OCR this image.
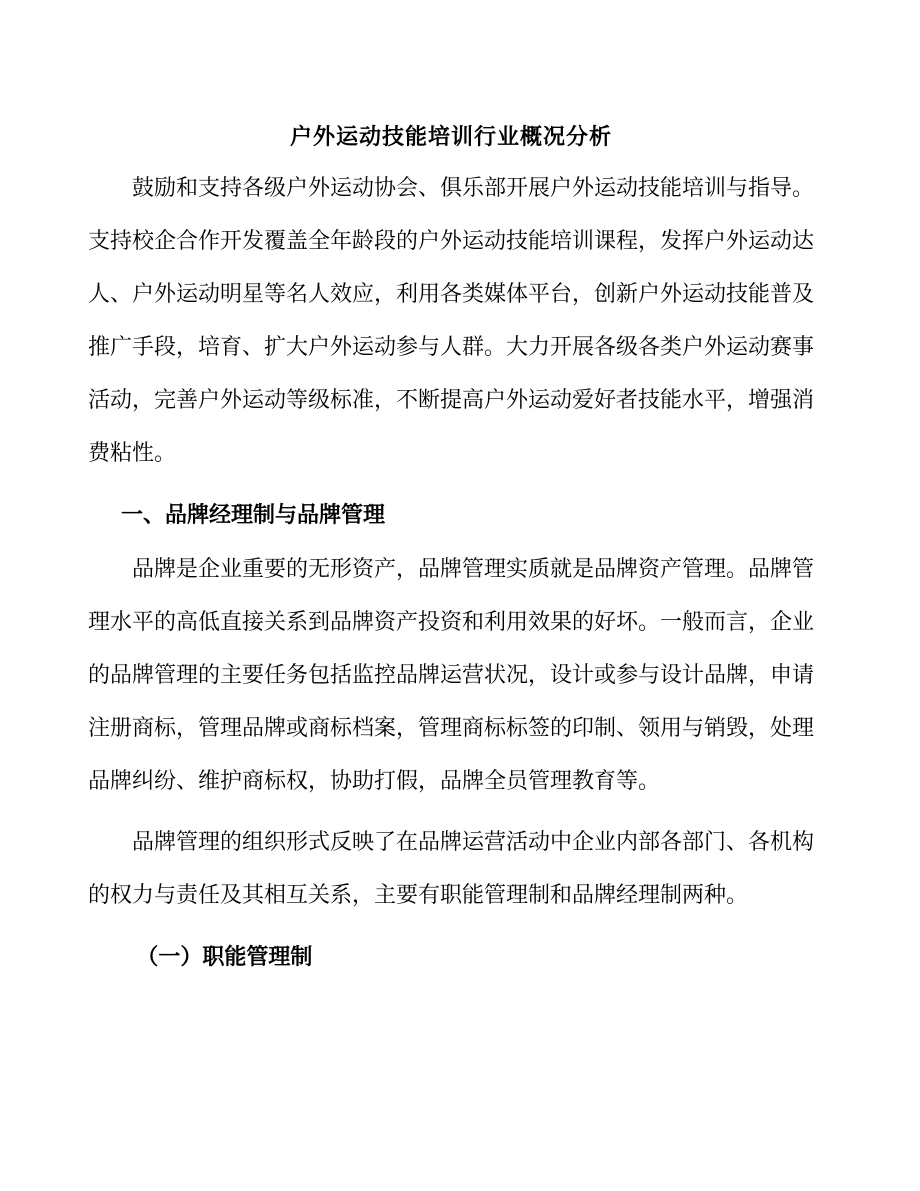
户外运动技能培训行业概况分析

鼓励和支持各级户外运动协会、俱乐部开展户外运动技能培训与指导。支持校企合作开发覆盖全年龄段的户外运动技能培训课程，发挥户外运动达人、户外运动明星等名人效应，利用各类媒体平台，创新户外运动技能普及推广手段，培育、扩大户外运动参与人群。大力开展各级各类户外运动赛事活动，完善户外运动等级标准，不断提高户外运动爱好者技能水平，增强消费粘性。

一、品牌经理制与品牌管理

品牌是企业重要的无形资产，品牌管理实质就是品牌资产管理。品牌管理水平的高低直接关系到品牌资产投资和利用效果的好坏。一般而言，企业的品牌管理的主要任务包括监控品牌运营状况，设计或参与设计品牌，申请注册商标，管理品牌或商标档案，管理商标标签的印制、领用与销毁，处理品牌纠纷、维护商标权，协助打假，品牌全员管理教育等。

品牌管理的组织形式反映了在品牌运营活动中企业内部各部门、各机构的权力与责任及其相互关系，主要有职能管理制和品牌经理制两种。

（一）职能管理制
